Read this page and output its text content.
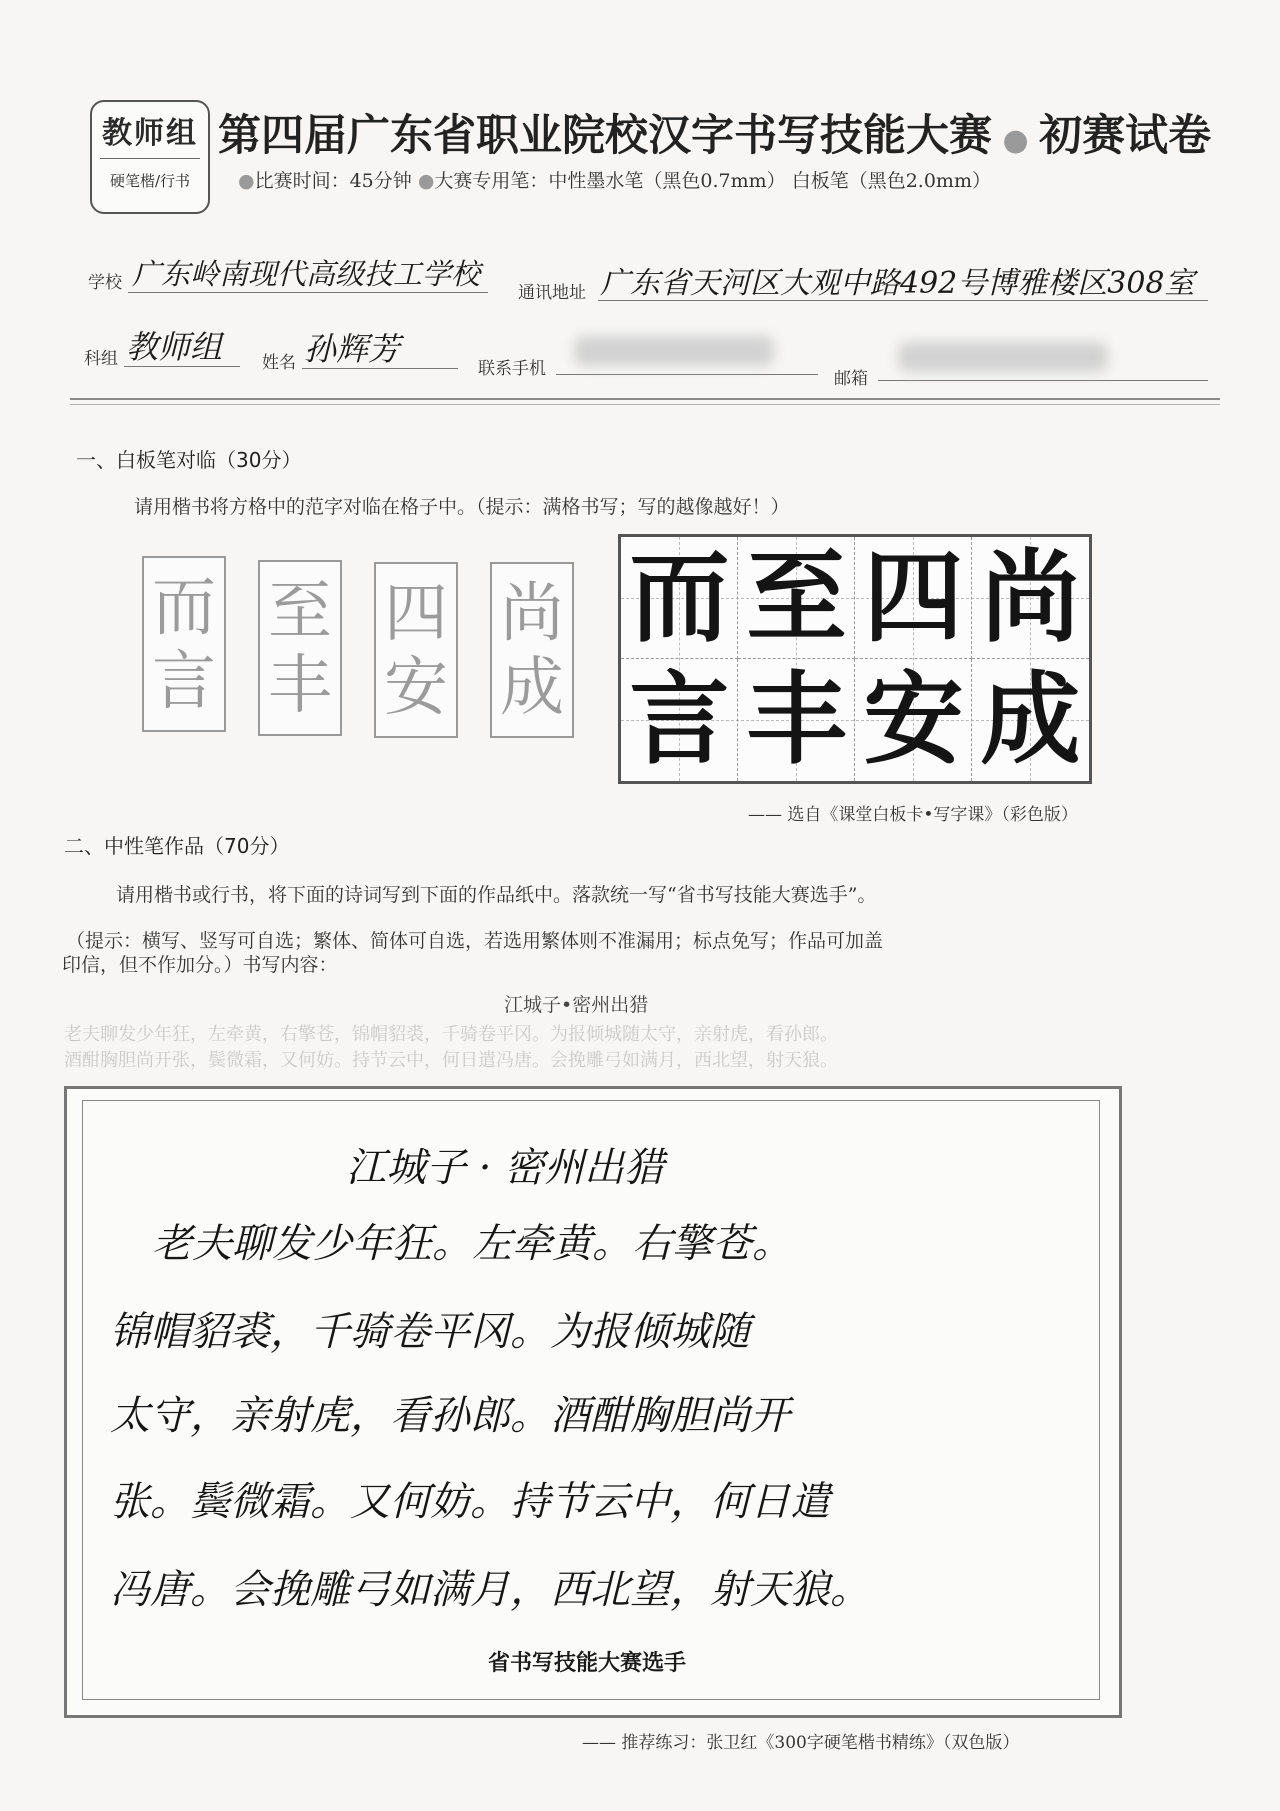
教师组
硬笔楷/行书
第四届广东省职业院校汉字书写技能大赛 ● 初赛试卷
●比赛时间：45分钟 ●大赛专用笔：中性墨水笔（黑色0.7mm） 白板笔（黑色2.0mm）
学校 广东岭南现代高级技工学校
通讯地址 广东省天河区大观中路492号博雅楼区308室
科组 教师组 姓名 孙辉芳
联系手机	邮箱
一、白板笔对临（30分）
请用楷书将方格中的范字对临在格子中。（提示：满格书写；写的越像越好！）
而
言
至
丰
四
安
尚
成
而 至 四 尚
言 丰 安 成
—— 选自《课堂白板卡•写字课》（彩色版）
二、中性笔作品（70分）
请用楷书或行书，将下面的诗词写到下面的作品纸中。落款统一写“省书写技能大赛选手”。
（提示：横写、竖写可自选；繁体、简体可自选，若选用繁体则不准漏用；标点免写；作品可加盖
印信，但不作加分。）书写内容：
江城子•密州出猎
老夫聊发少年狂，左牵黄，右擎苍，锦帽貂裘，千骑卷平冈。为报倾城随太守，亲射虎，看孙郎。
酒酣胸胆尚开张，鬓微霜，又何妨。持节云中，何日遣冯唐。会挽雕弓如满月，西北望，射天狼。
江城子 · 密州出猎
老夫聊发少年狂。左牵黄。右擎苍。
锦帽貂裘，千骑卷平冈。为报倾城随
太守，亲射虎，看孙郎。酒酣胸胆尚开
张。鬓微霜。又何妨。持节云中，何日遣
冯唐。会挽雕弓如满月，西北望，射天狼。
省书写技能大赛选手
—— 推荐练习：张卫红《300字硬笔楷书精练》（双色版）
